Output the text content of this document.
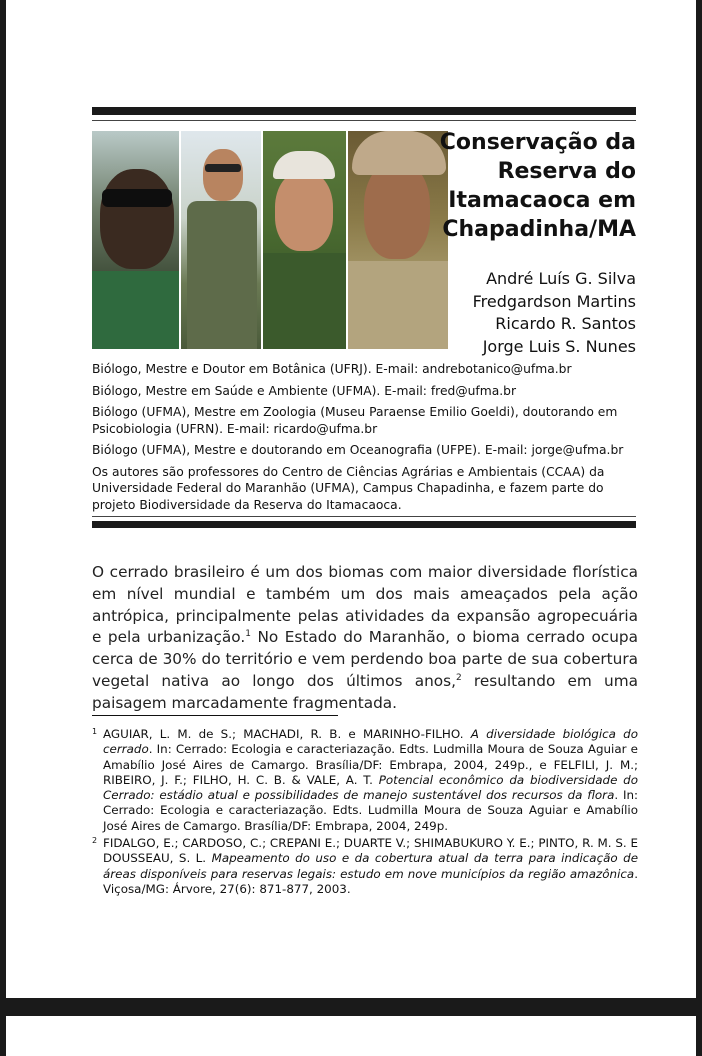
Conservação da
Reserva do
Itamacaoca em
Chapadinha/MA
André Luís G. Silva
Fredgardson Martins
Ricardo R. Santos
Jorge Luis S. Nunes

Biólogo, Mestre e Doutor em Botânica (UFRJ). E-mail: andrebotanico@ufma.br

Biólogo, Mestre em Saúde e Ambiente (UFMA). E-mail: fred@ufma.br

Biólogo (UFMA), Mestre em Zoologia (Museu Paraense Emilio Goeldi), doutorando em Psicobiologia (UFRN). E-mail: ricardo@ufma.br

Biólogo (UFMA), Mestre e doutorando em Oceanografia (UFPE). E-mail: jorge@ufma.br

Os autores são professores do Centro de Ciências Agrárias e Ambientais (CCAA) da Universidade Federal do Maranhão (UFMA), Campus Chapadinha, e fazem parte do projeto Biodiversidade da Reserva do Itamacaoca.

O cerrado brasileiro é um dos biomas com maior diversidade florística em nível mundial e também um dos mais ameaçados pela ação antrópica, principalmente pelas atividades da expansão agropecuária e pela urbanização.$^1$ No Estado do Maranhão, o bioma cerrado ocupa cerca de 30% do território e vem perdendo boa parte de sua cobertura vegetal nativa ao longo dos últimos anos,$^2$ resultando em uma paisagem marcadamente fragmentada.

1 AGUIAR, L. M. de S.; MACHADI, R. B. e MARINHO-FILHO. A diversidade biológica do cerrado. In: Cerrado: Ecologia e caracteriazação. Edts. Ludmilla Moura de Souza Aguiar e Amabílio José Aires de Camargo. Brasília/DF: Embrapa, 2004, 249p., e FELFILI, J. M.; RIBEIRO, J. F.; FILHO, H. C. B. & VALE, A. T. Potencial econômico da biodiversidade do Cerrado: estádio atual e possibilidades de manejo sustentável dos recursos da flora. In: Cerrado: Ecologia e caracteriazação. Edts. Ludmilla Moura de Souza Aguiar e Amabílio José Aires de Camargo. Brasília/DF: Embrapa, 2004, 249p.

2 FIDALGO, E.; CARDOSO, C.; CREPANI E.; DUARTE V.; SHIMABUKURO Y. E.; PINTO, R. M. S. E DOUSSEAU, S. L. Mapeamento do uso e da cobertura atual da terra para indicação de áreas disponíveis para reservas legais: estudo em nove municípios da região amazônica. Viçosa/MG: Árvore, 27(6): 871-877, 2003.
